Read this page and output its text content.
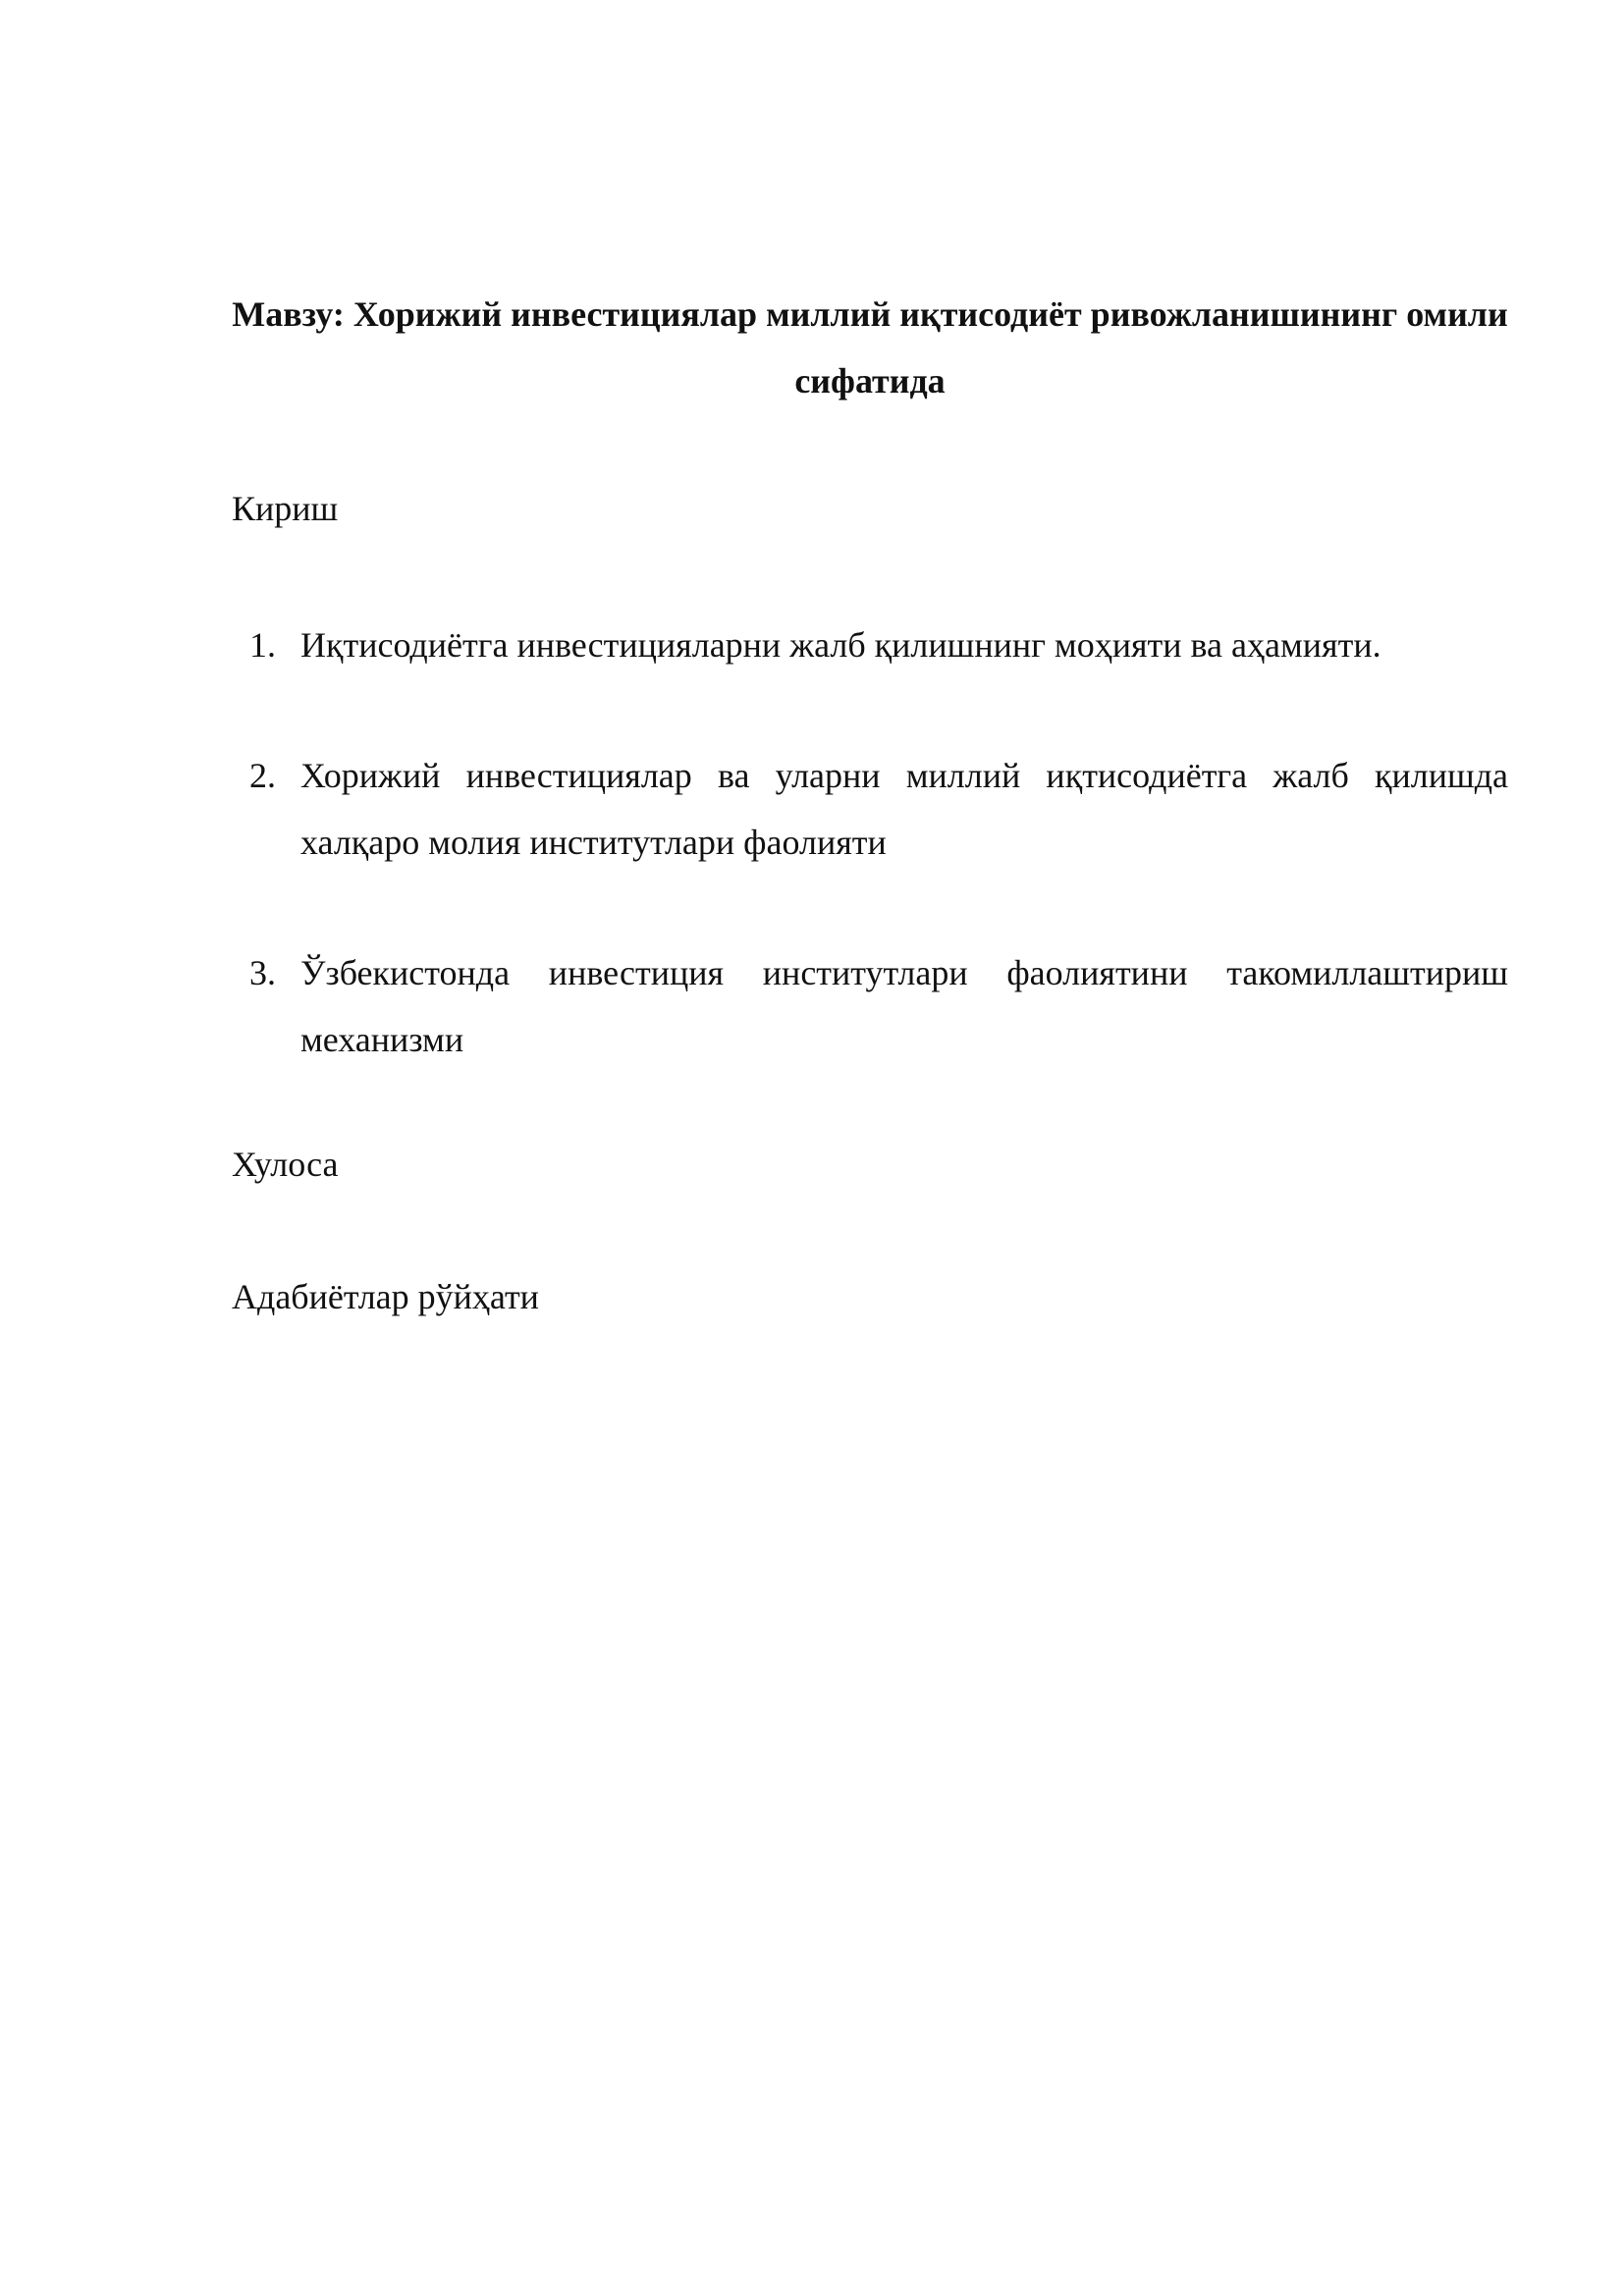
Мавзу: Хорижий инвестициялар миллий иқтисодиёт ривожланишининг омили сифатида

Кириш

1. Иқтисодиётга инвестицияларни жалб қилишнинг моҳияти ва аҳамияти.
2. Хорижий инвестициялар ва уларни миллий иқтисодиётга жалб қилишда халқаро молия институтлари фаолияти
3. Ўзбекистонда инвестиция институтлари фаолиятини такомиллаштириш механизми

Хулоса

Адабиётлар рўйҳати
